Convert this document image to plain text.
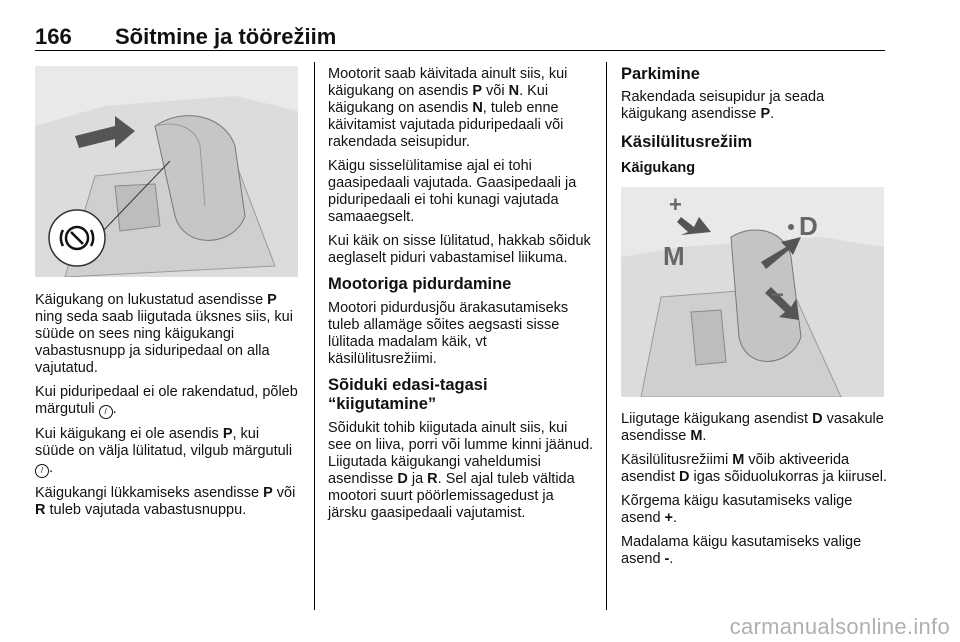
166 Sõitmine ja töörežiim

Käigukang on lukustatud asendisse P ning seda saab liigutada üksnes siis, kui süüde on sees ning käigukangi vabastusnupp ja siduripedaal on alla vajutatud.

Kui piduripedaal ei ole rakendatud, põleb märgutuli / .

Kui käigukang ei ole asendis P, kui süüde on välja lülitatud, vilgub märgutuli / .

Käigukangi lükkamiseks asendisse P või R tuleb vajutada vabastusnuppu.

Mootorit saab käivitada ainult siis, kui käigukang on asendis P või N. Kui käigukang on asendis N, tuleb enne käivitamist vajutada piduripedaali või rakendada seisupidur.

Käigu sisselülitamise ajal ei tohi gaasipedaali vajutada. Gaasipedaali ja piduripedaali ei tohi kunagi vajutada samaaegselt.

Kui käik on sisse lülitatud, hakkab sõiduk aeglaselt piduri vabastamisel liikuma.

Mootoriga pidurdamine

Mootori pidurdusjõu ärakasutamiseks tuleb allamäge sõites aegsasti sisse lülitada madalam käik, vt käsilülitusrežiimi.

Sõiduki edasi-tagasi “kiigutamine”

Sõidukit tohib kiigutada ainult siis, kui see on liiva, porri või lumme kinni jäänud. Liigutada käigukangi vaheldumisi asendisse D ja R. Sel ajal tuleb vältida mootori suurt pöörlemissagedust ja järsku gaasipedaali vajutamist.

Parkimine

Rakendada seisupidur ja seada käigukang asendisse P.

Käsilülitusrežiim
Käigukang
+
−
D
M

Liigutage käigukang asendist D vasakule asendisse M.

Käsilülitusrežiimi M võib aktiveerida asendist D igas sõiduolukorras ja kiirusel.

Kõrgema käigu kasutamiseks valige asend +.

Madalama käigu kasutamiseks valige asend -.

carmanualsonline.info
